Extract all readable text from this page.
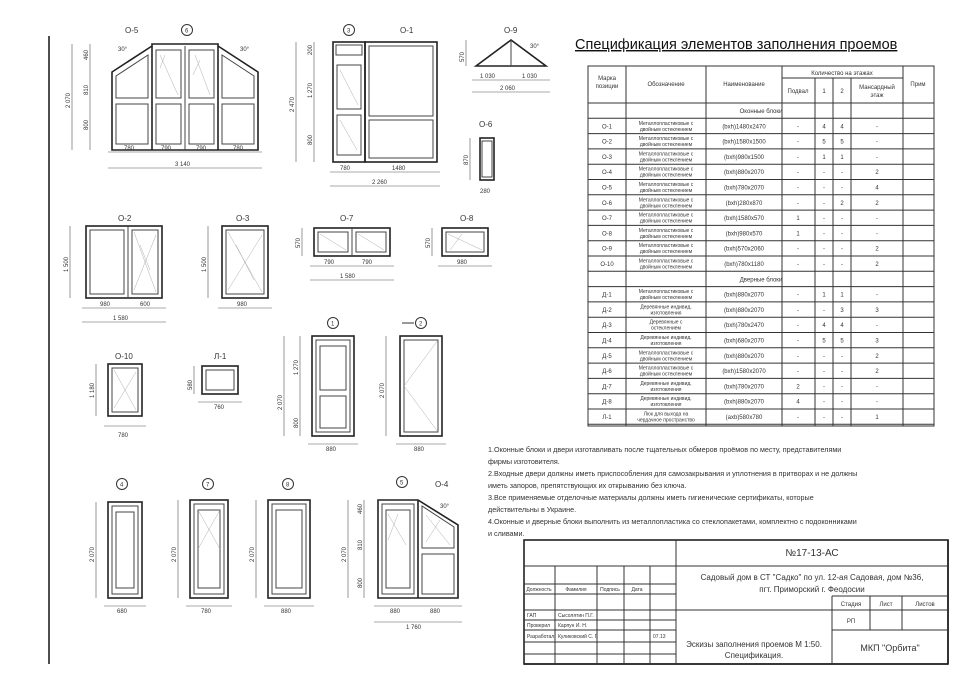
О-5	6
30°	30°
2 070
460
810
800
780	790	790	780
3 140
3	О-1
2 470
200
1 270
800
780	1480
2 260
О-9
30°
570
1 030	1 030
2 060
О-6
870
280
О-2
1 500
980	600
1 580
О-3
1 500
980
О-7
570
790	790
1 580
О-8
570
980
О-10
1 180
780
Л-1
580
760
1
2 070
1 270
800
880
2
2 070
880
4
2 070
680
7
2 070
780
8
2 070
880
5	О-4
30°
2 070
460
810
800
880	880
1 760
Спецификация элементов заполнения проемов
Марка
позиции	Обозначение	Наименование
Количество на этажах
Подвал 1 2
Мансардный
этаж
Прим
Оконные блоки
О-1
Металлопластиковые с
двойным остеклением	(bxh)1480x2470	-	4 4	-
О-2
Металлопластиковые с
двойным остеклением	(bxh)1580x1500	-	5 5	-
О-3
Металлопластиковые с
двойным остеклением	(bxh)980x1500	-	1 1	-
О-4
Металлопластиковые с
двойным остеклением	(bxh)880x2070	-	-	-	2
О-5
Металлопластиковые с
двойным остеклением	(bxh)780x2070	-	-	-	4
О-6
Металлопластиковые с
двойным остеклением	(bxh)280x870	-	-	2	2
О-7
Металлопластиковые с
двойным остеклением	(bxh)1580x570	1	-	-	-
О-8
Металлопластиковые с
двойным остеклением	(bxh)980x570	1	-	-	-
О-9
Металлопластиковые с
двойным остеклением	(bxh)570x2060	-	-	-	2
О-10
Металлопластиковые с
двойным остеклением	(bxh)780x1180	-	-	-	2
Дверные блоки
Д-1
Металлопластиковые с
двойным остеклением	(bxh)880x2070	-	1 1	-
Д-2
Деревянные индивид.
изготовления	(bxh)880x2070	-	-	3	3
Д-3
Деревянные с
остеклением	(bxh)780x2470	-	4 4	-
Д-4
Деревянные индивид.
изготовления	(bxh)680x2070	-	5 5	3
Д-5
Металлопластиковые с
двойным остеклением	(bxh)880x2070	-	-	-	2
Д-6
Металлопластиковые с
двойным остеклением	(bxh)1580x2070	-	-	-	2
Д-7
Деревянные индивид.
изготовления	(bxh)780x2070	2	-	-	-
Д-8
Деревянные индивид.
изготовления	(bxh)880x2070	4	-	-	-
Л-1
Люк для выхода на
чердачное пространство	(axb)580x780	-	-	-	1
1.Оконные блоки и двери изготавливать после тщательных обмеров проёмов по месту, представителями
фирмы изготовителя.
2.Входные двери должны иметь приспособления для самозакрывания и уплотнения в притворах и не должны
иметь запоров, препятствующих их открыванию без ключа.
3.Все применяемые отделочные материалы должны иметь гигиенические сертификаты, которые
действительны в Украине.
4.Оконные и дверные блоки выполнить из металлопластика со стеклопакетами, комплектно с подоконниками
и сливами.
№17-13-АС
Садовый дом в СТ "Садко" по ул. 12-ая Садовая, дом №36,
пгт. Приморский г. Феодосии
Должность	Фамилия	Подпись Дата
ГАП	Сысолятин П.Г.
Проверил Карпун И. Н.
Разработал Куликовский С. Г.	07.13
Стадия	Лист	Листов
РП
Эскизы заполнения проемов М 1:50.
Спецификация.
МКП "Орбита"
